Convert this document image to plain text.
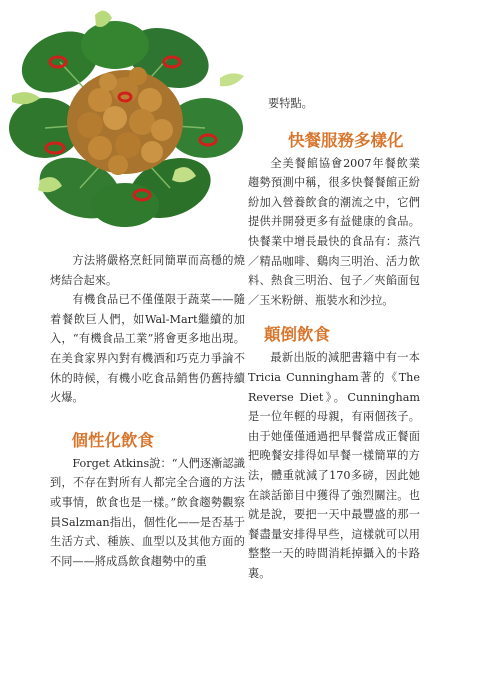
方法將嚴格烹飪同簡單而高穩的燒烤結合起來。

有機食品已不僅僅限于蔬菜——隨着餐飲巨人們，如Wal-Mart繼續的加入，“有機食品工業”將會更多地出現。在美食家界內對有機酒和巧克力爭論不休的時候，有機小吃食品銷售仍舊持續火爆。

個性化飲食

Forget Atkins說：“人們逐漸認識到，不存在對所有人都完全合適的方法或事情，飲食也是一樣。”飲食趨勢觀察員Salzman指出，個性化——是否基于生活方式、種族、血型以及其他方面的不同——將成爲飲食趨勢中的重

要特點。

快餐服務多樣化

全美餐館協會2007年餐飲業趨勢預測中稱，很多快餐餐館正紛紛加入營養飲食的潮流之中，它們提供并開發更多有益健康的食品。快餐業中增長最快的食品有：蒸汽／精品咖啡、鷄肉三明治、活力飲料、熱食三明治、包子／夾餡面包／玉米粉餅、瓶裝水和沙拉。

顛倒飲食

最新出版的減肥書籍中有一本Tricia Cunningham著的《The Reverse Diet》。Cunningham是一位年輕的母親，有兩個孩子。由于她僅僅通過把早餐當成正餐面把晚餐安排得如早餐一樣簡單的方法，體重就減了170多磅，因此她在談話節目中獲得了強烈關注。也就是說，要把一天中最豐盛的那一餐盡量安排得早些，這樣就可以用整整一天的時間消耗掉攝入的卡路裏。
